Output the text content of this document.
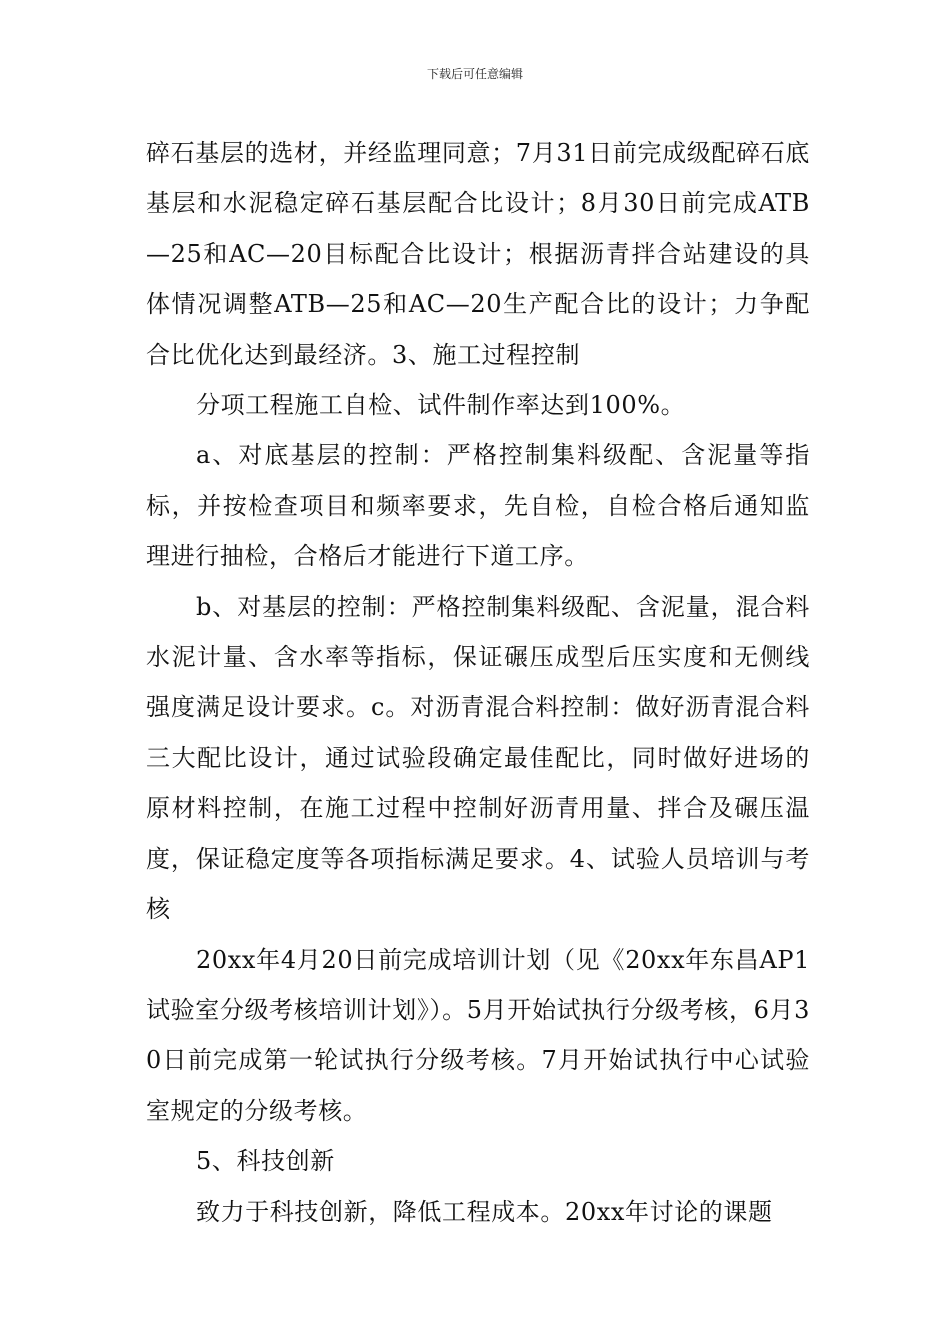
下载后可任意编辑

碎石基层的选材，并经监理同意；7月31日前完成级配碎石底基层和水泥稳定碎石基层配合比设计；8月30日前完成ATB—25和AC—20目标配合比设计；根据沥青拌合站建设的具体情况调整ATB—25和AC—20生产配合比的设计；力争配合比优化达到最经济。3、施工过程控制

分项工程施工自检、试件制作率达到100%。

a、对底基层的控制：严格控制集料级配、含泥量等指标，并按检查项目和频率要求，先自检，自检合格后通知监理进行抽检，合格后才能进行下道工序。

b、对基层的控制：严格控制集料级配、含泥量，混合料水泥计量、含水率等指标，保证碾压成型后压实度和无侧线强度满足设计要求。c。对沥青混合料控制：做好沥青混合料三大配比设计，通过试验段确定最佳配比，同时做好进场的原材料控制，在施工过程中控制好沥青用量、拌合及碾压温度，保证稳定度等各项指标满足要求。4、试验人员培训与考核

20xx年4月20日前完成培训计划（见《20xx年东昌AP1试验室分级考核培训计划》）。5月开始试执行分级考核，6月30日前完成第一轮试执行分级考核。7月开始试执行中心试验室规定的分级考核。

5、科技创新

致力于科技创新，降低工程成本。20xx年讨论的课题
